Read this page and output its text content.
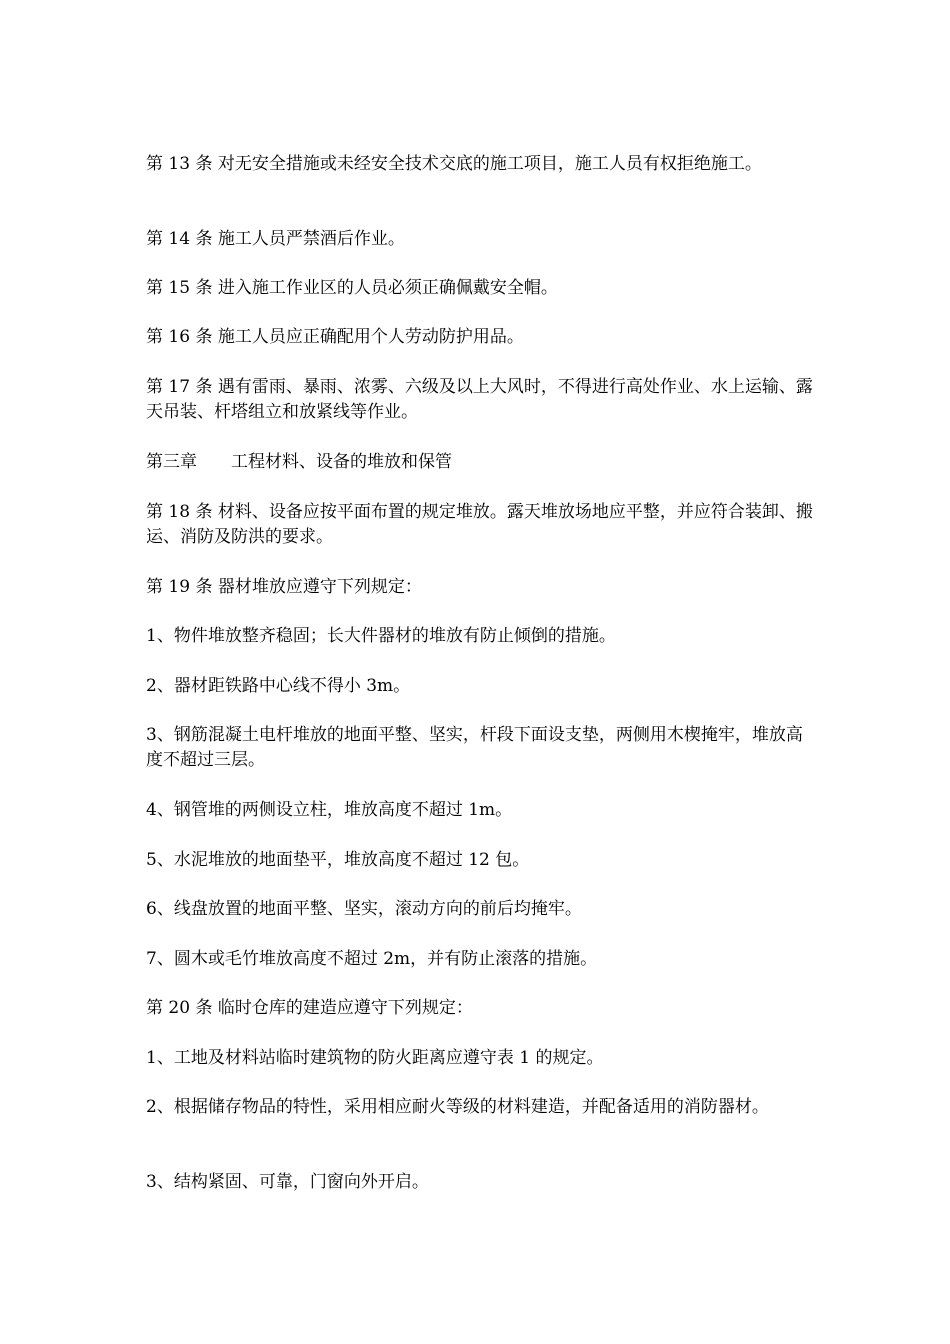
第 13 条 对无安全措施或未经安全技术交底的施工项目，施工人员有权拒绝施工。

第 14 条 施工人员严禁酒后作业。

第 15 条 进入施工作业区的人员必须正确佩戴安全帽。

第 16 条 施工人员应正确配用个人劳动防护用品。

第 17 条 遇有雷雨、暴雨、浓雾、六级及以上大风时，不得进行高处作业、水上运输、露天吊装、杆塔组立和放紧线等作业。

第三章 工程材料、设备的堆放和保管

第 18 条 材料、设备应按平面布置的规定堆放。露天堆放场地应平整，并应符合装卸、搬运、消防及防洪的要求。

第 19 条 器材堆放应遵守下列规定：

1、物件堆放整齐稳固；长大件器材的堆放有防止倾倒的措施。

2、器材距铁路中心线不得小 3m。

3、钢筋混凝土电杆堆放的地面平整、坚实，杆段下面设支垫，两侧用木楔掩牢，堆放高度不超过三层。

4、钢管堆的两侧设立柱，堆放高度不超过 1m。

5、水泥堆放的地面垫平，堆放高度不超过 12 包。

6、线盘放置的地面平整、坚实，滚动方向的前后均掩牢。

7、圆木或毛竹堆放高度不超过 2m，并有防止滚落的措施。

第 20 条 临时仓库的建造应遵守下列规定：

1、工地及材料站临时建筑物的防火距离应遵守表 1 的规定。

2、根据储存物品的特性，采用相应耐火等级的材料建造，并配备适用的消防器材。

3、结构紧固、可靠，门窗向外开启。
